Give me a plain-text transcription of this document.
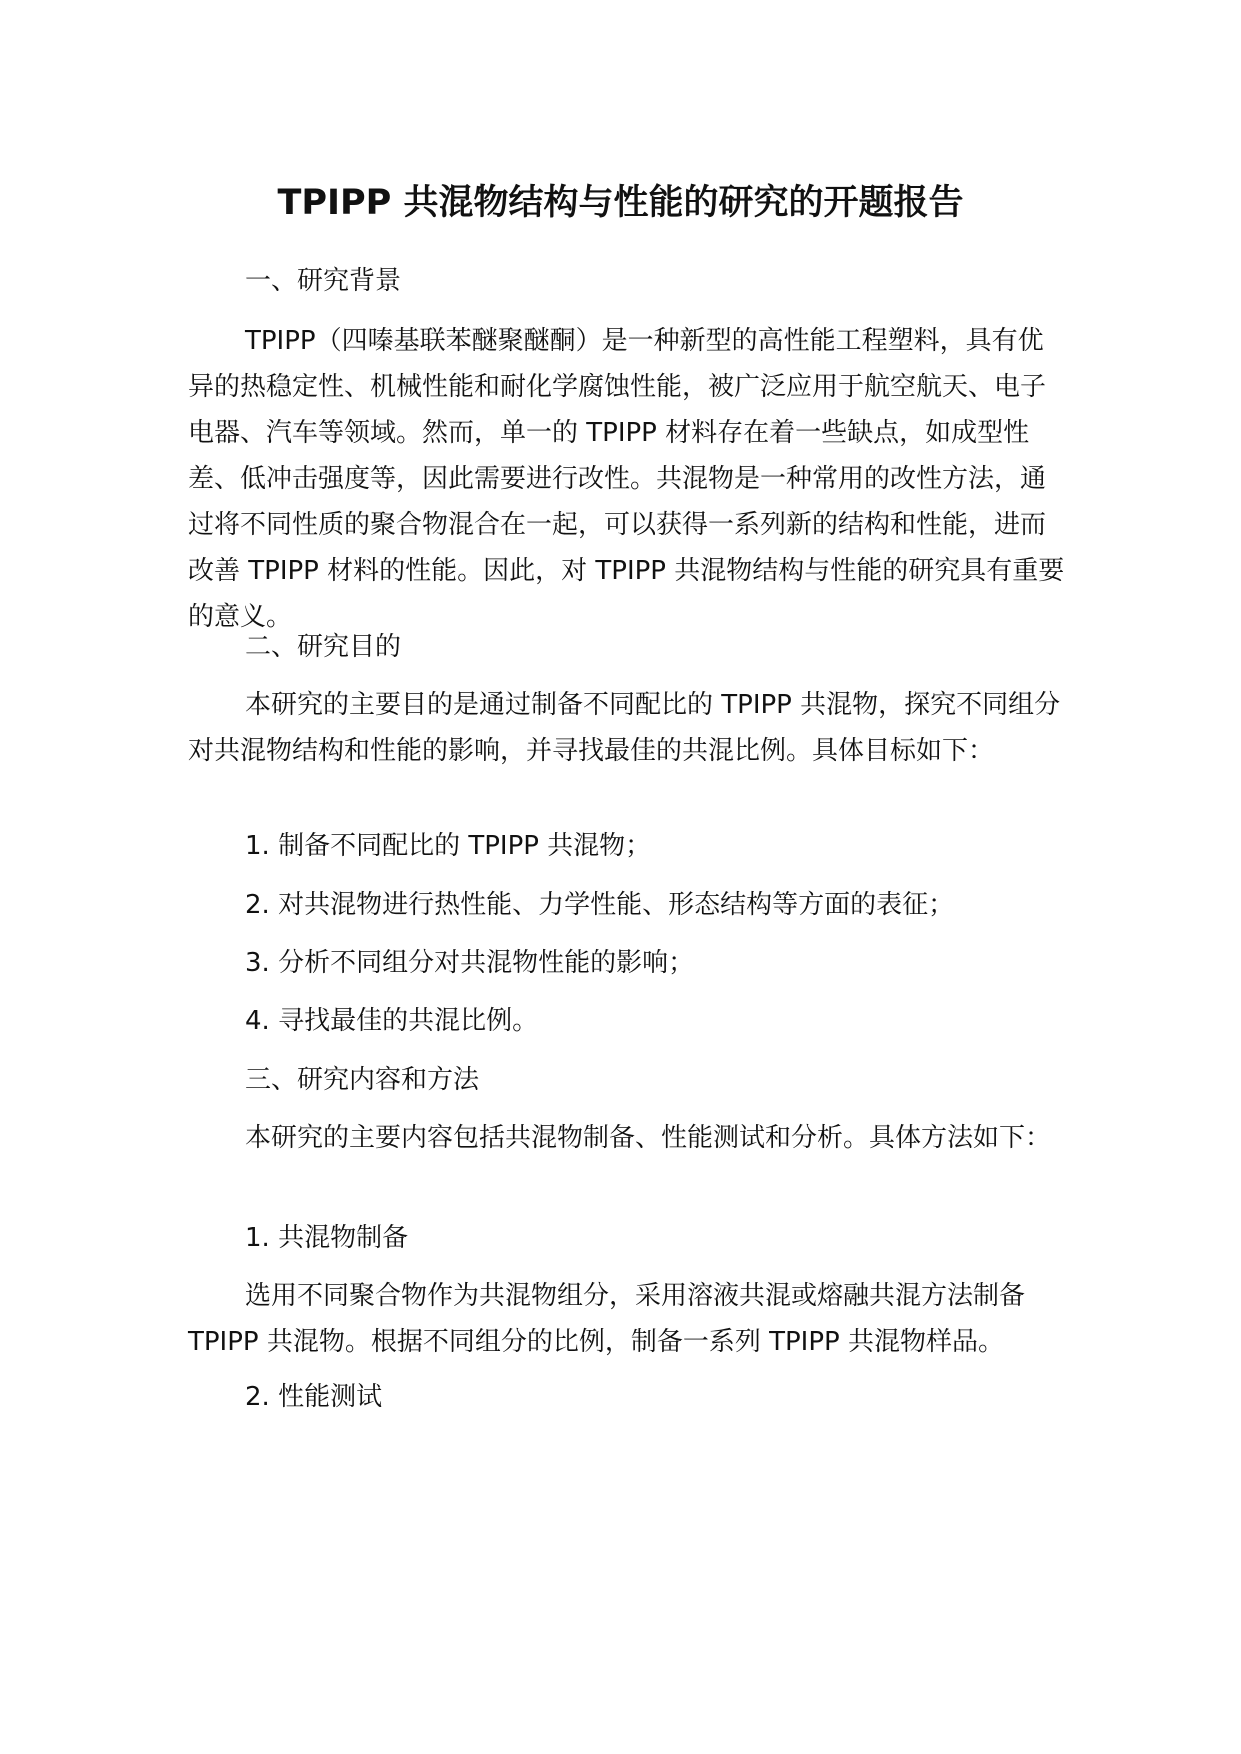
TPIPP 共混物结构与性能的研究的开题报告

一、研究背景

TPIPP（四嗪基联苯醚聚醚酮）是一种新型的高性能工程塑料，具有优异的热稳定性、机械性能和耐化学腐蚀性能，被广泛应用于航空航天、电子电器、汽车等领域。然而，单一的 TPIPP 材料存在着一些缺点，如成型性差、低冲击强度等，因此需要进行改性。共混物是一种常用的改性方法，通过将不同性质的聚合物混合在一起，可以获得一系列新的结构和性能，进而改善 TPIPP 材料的性能。因此，对 TPIPP 共混物结构与性能的研究具有重要的意义。

二、研究目的

本研究的主要目的是通过制备不同配比的 TPIPP 共混物，探究不同组分对共混物结构和性能的影响，并寻找最佳的共混比例。具体目标如下：

1. 制备不同配比的 TPIPP 共混物；

2. 对共混物进行热性能、力学性能、形态结构等方面的表征；

3. 分析不同组分对共混物性能的影响；

4. 寻找最佳的共混比例。

三、研究内容和方法

本研究的主要内容包括共混物制备、性能测试和分析。具体方法如下：

1. 共混物制备

选用不同聚合物作为共混物组分，采用溶液共混或熔融共混方法制备 TPIPP 共混物。根据不同组分的比例，制备一系列 TPIPP 共混物样品。

2. 性能测试
